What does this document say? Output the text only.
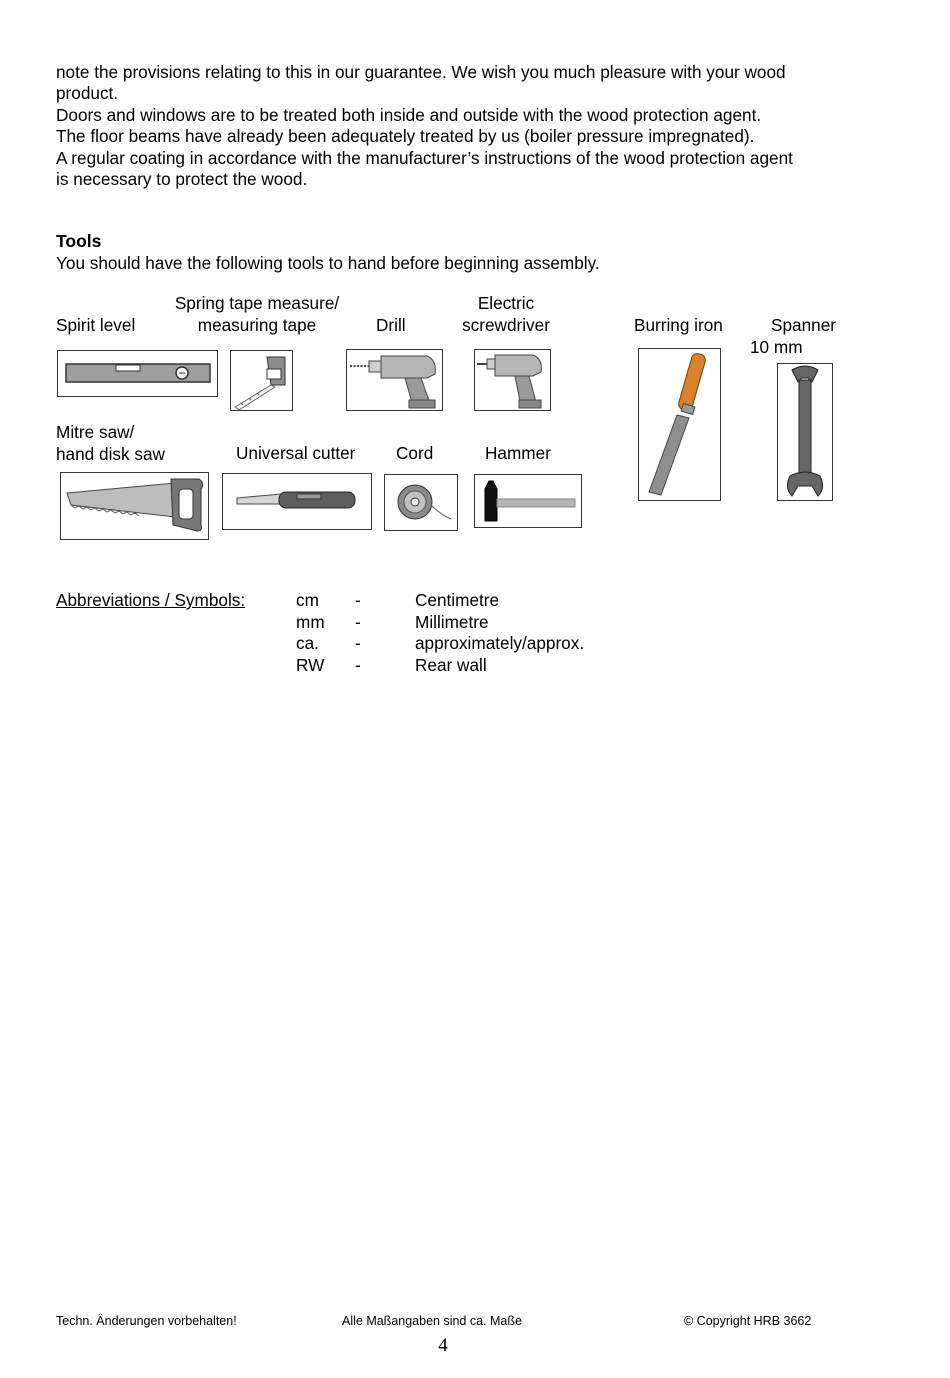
note the provisions relating to this in our guarantee. We wish you much pleasure with your wood

product.

Doors and windows are to be treated both inside and outside with the wood protection agent.

The floor beams have already been adequately treated by us (boiler pressure impregnated).

A regular coating in accordance with the manufacturer’s instructions of the wood protection agent

is necessary to protect the wood.

Tools
You should have the following tools to hand before beginning assembly.
Spirit level
Spring tape measure/
measuring tape	Drill
Electric
screwdriver	Burring iron	Spanner
10 mm
Mitre saw/
hand disk saw	Universal cutter Cord	Hammer
Abbreviations / Symbols:	cm -	Centimetre
mm -	Millimetre
ca. -	approximately/approx.
RW -	Rear wall
Techn. Änderungen vorbehalten!	Alle Maßangaben sind ca. Maße	© Copyright HRB 3662
4
